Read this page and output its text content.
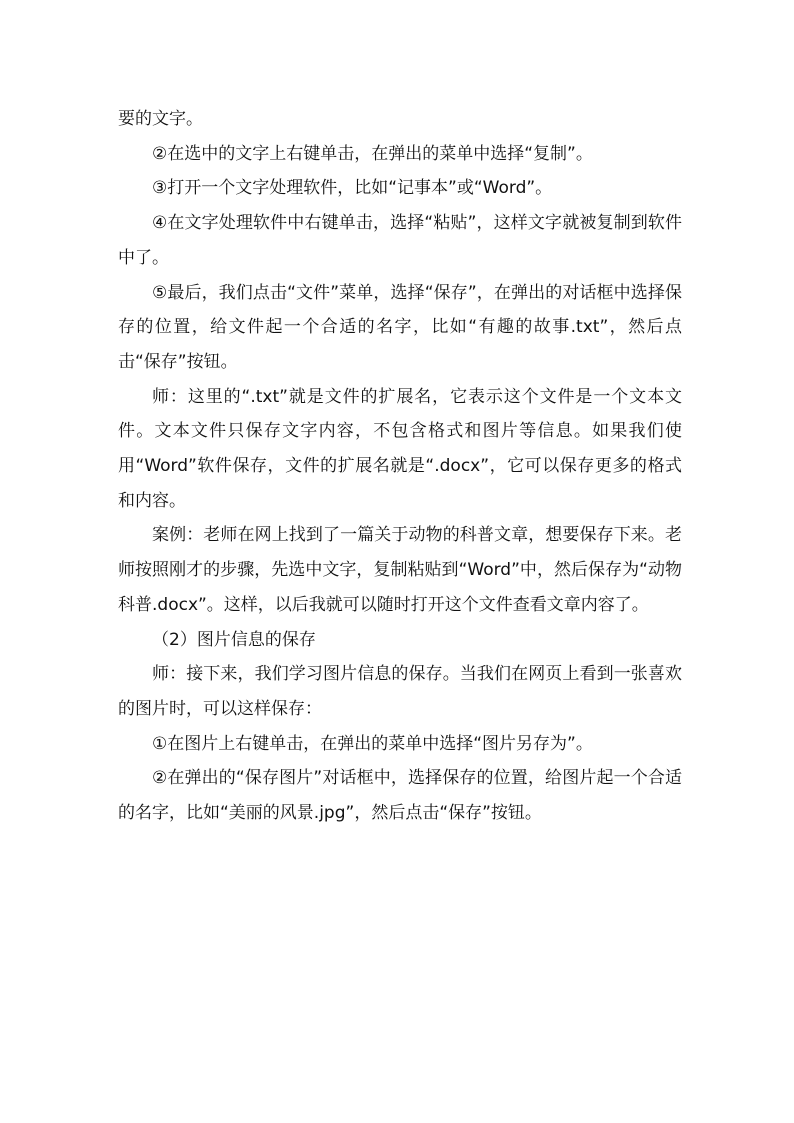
要的文字。

②在选中的文字上右键单击，在弹出的菜单中选择“复制”。

③打开一个文字处理软件，比如“记事本”或“Word”。

④在文字处理软件中右键单击，选择“粘贴”，这样文字就被复制到软件中了。

⑤最后，我们点击“文件”菜单，选择“保存”，在弹出的对话框中选择保存的位置，给文件起一个合适的名字，比如“有趣的故事.txt”，然后点击“保存”按钮。

师：这里的“.txt”就是文件的扩展名，它表示这个文件是一个文本文件。文本文件只保存文字内容，不包含格式和图片等信息。如果我们使用“Word”软件保存，文件的扩展名就是“.docx”，它可以保存更多的格式和内容。

案例：老师在网上找到了一篇关于动物的科普文章，想要保存下来。老师按照刚才的步骤，先选中文字，复制粘贴到“Word”中，然后保存为“动物科普.docx”。这样，以后我就可以随时打开这个文件查看文章内容了。

（2）图片信息的保存

师：接下来，我们学习图片信息的保存。当我们在网页上看到一张喜欢的图片时，可以这样保存：

①在图片上右键单击，在弹出的菜单中选择“图片另存为”。

②在弹出的“保存图片”对话框中，选择保存的位置，给图片起一个合适的名字，比如“美丽的风景.jpg”，然后点击“保存”按钮。
